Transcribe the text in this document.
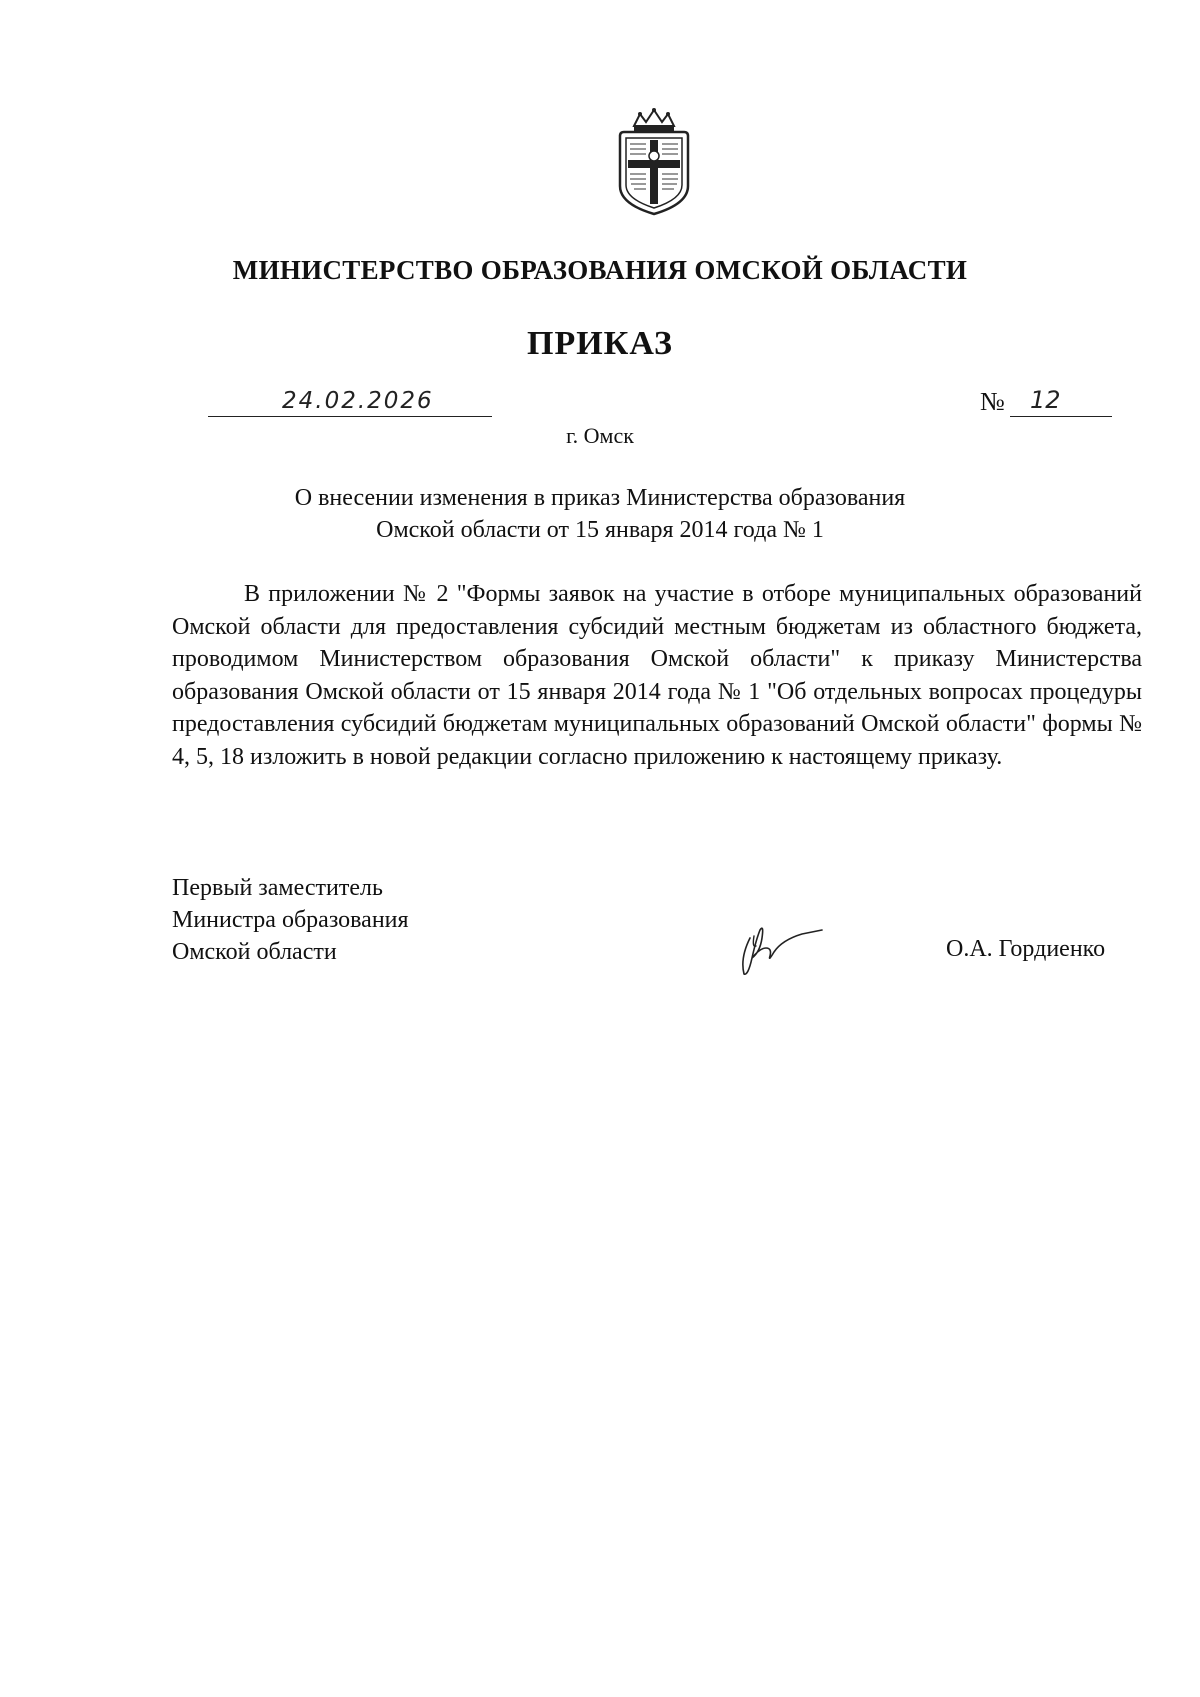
МИНИСТЕРСТВО ОБРАЗОВАНИЯ ОМСКОЙ ОБЛАСТИ
ПРИКАЗ
24.02.2026	№ 12
г. Омск
О внесении изменения в приказ Министерства образования
Омской области от 15 января 2014 года № 1
В приложении № 2 "Формы заявок на участие в отборе муниципальных образований Омской области для предоставления субсидий местным бюджетам из областного бюджета, проводимом Министерством образования Омской области" к приказу Министерства образования Омской области от 15 января 2014 года № 1 "Об отдельных вопросах процедуры предоставления субсидий бюджетам муниципальных образований Омской области" формы № 4, 5, 18 изложить в новой редакции согласно приложению к настоящему приказу.
Первый заместитель
Министра образования
Омской области	О.А. Гордиенко
